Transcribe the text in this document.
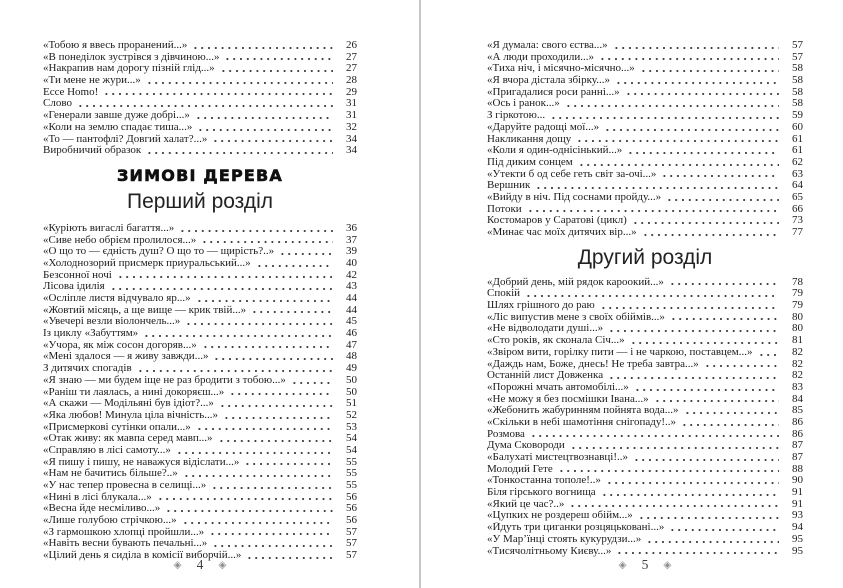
«Тобою я ввесь проранений...»	26
«В понеділок зустрівся з дівчиною...»	27
«Накрапив нам дорогу пізній глід...»	27
«Ти мене не жури...»	28
Ecce Homo!	29
Слово	31
«Генерали завше дуже добрі...»	31
«Коли на землю спадає тиша...»	32
«То — пантофлі? Довгий халат?...»	34
Виробничий образок	34
ЗИМОВІ ДЕРЕВА
Перший розділ
«Куріють вигаслі багаття...»	36
«Сиве небо обрієм пролилося...»	37
«О що то — єдність душ? О що то — щирість?..»	39
«Холоднозорий присмерк приуральський...»	40
Безсонної ночі	42
Лісова ідилія	43
«Осліпле листя відчувало яр...»	44
«Жовтий місяць, а ще вище — крик твій...»	44
«Увечері везли віолончель...»	45
Із циклу «Забуттям»	46
«Учора, як між сосон догоряв...»	47
«Мені здалося — я живу завжди...»	48
З дитячих спогадів	49
«Я знаю — ми будем іще не раз бродити з тобою...»	50
«Раніш ти лаялась, а нині докоряєш...»	50
«А скажи — Модільяні був ідіот?...»	51
«Яка любов! Минула ціла вічність...»	52
«Присмеркові сутінки опали...»	53
«Отак живу: як мавпа серед мавп...»	54
«Справляю в лісі самоту...»	54
«Я пишу і пишу, не наважуся відіслати...»	55
«Нам не бачитись більше?..»	55
«У нас тепер провесна в селищі...»	55
«Нині в лісі блукала...»	56
«Весна йде несміливо...»	56
«Лише голубою стрічкою...»	56
«З гармошкою хлопці пройшли...»	57
«Навіть весни бувають печальні...»	57
«Цілий день я сиділа в комісії виборчій...»	57
◈ 4 ◈
«Я думала: свого єства...»	57
«А люди проходили...»	57
«Тиха ніч, і місячно-місячно...»	58
«Я вчора дістала збірку...»	58
«Пригадалися роси ранні...»	58
«Ось і ранок...»	58
З гіркотою...	59
«Даруйте радощі мої...»	60
Накликання дощу	61
«Коли я один-однісінький...»	61
Під диким сонцем	62
«Утекти б од себе геть світ за-очі...»	63
Вершник	64
«Вийду в ніч. Під соснами пройду...»	65
Потоки	66
Костомаров у Саратові (цикл)	73
«Минає час моїх дитячих вір...»	77
Другий розділ
«Добрий день, мій рядок кароокий...»	78
Спокій	79
Шлях грішного до раю	79
«Ліс випустив мене з своїх обіймів...»	80
«Не відволодати душі...»	80
«Сто років, як сконала Січ...»	81
«Звіром вити, горілку пити — і не чаркою, поставцем...»	82
«Даждь нам, Боже, днесь! Не треба завтра...»	82
Останній лист Довженка	82
«Порожні мчать автомобілі...»	83
«Не можу я без посмішки Івана...»	84
«Жебонить жабуринням пойнята вода...»	85
«Скільки в небі шамотіння снігопаду!..»	86
Розмова	86
Дума Сковороди	87
«Балухаті мистецтвознавці!..»	87
Молодий Гете	88
«Тонкостанна тополе!..»	90
Біля гірського вогнища	91
«Який це час?..»	91
«Цупких не роздереш обійм...»	93
«Йдуть три циганки розцяцьковані...»	94
«У Мар’їнці стоять кукурудзи...»	95
«Тисячолітньому Києву...»	95
◈ 5 ◈
